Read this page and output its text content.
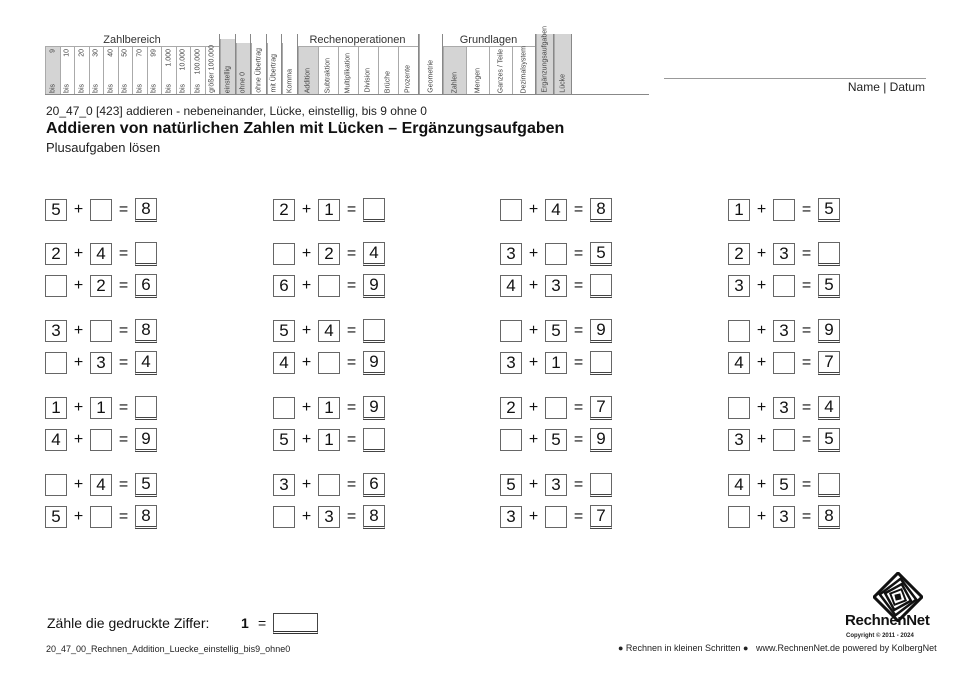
Zahlbereich
9
bis
10
bis
20
bis
30
bis
40
bis
50
bis
70
bis
99
bis
1.000
bis
10.000
bis
100.000
bis größer 100.000 einstellig ohne 0 ohne Übertrag mit Übertrag Komma
Rechenoperationen
Addition Subtraktion Multiplikation Division Brüche Prozente Geometrie
Grundlagen
Zahlen Mengen Ganzes / Teile Dezimalsystem Ergänzungsaufgaben Lücke	Name | Datum
20_47_0 [423] addieren - nebeneinander, Lücke, einstellig, bis 9 ohne 0
Addieren von natürlichen Zahlen mit Lücken – Ergänzungsaufgaben
Plusaufgaben lösen
5 +	= 8
2 + 4 =
+ 2 = 6
3 +	= 8
+ 3 = 4
1 + 1 =
4 +	= 9
+ 4 = 5
5 +	= 8
2 + 1 =
+ 2 = 4
6 +	= 9
5 + 4 =
4 +	= 9
+ 1 = 9
5 + 1 =
3 +	= 6
+ 3 = 8
+ 4 = 8
3 +	= 5
4 + 3 =
+ 5 = 9
3 + 1 =
2 +	= 7
+ 5 = 9
5 + 3 =
3 +	= 7
1 +	= 5
2 + 3 =
3 +	= 5
+ 3 = 9
4 +	= 7
+ 3 = 4
3 +	= 5
4 + 5 =
+ 3 = 8
Zähle die gedruckte Ziffer: 1 =
20_47_00_Rechnen_Addition_Luecke_einstellig_bis9_ohne0	● Rechnen in kleinen Schritten ● www.RechnenNet.de powered by KolbergNet
RechnenNet
Copyright © 2011 - 2024
